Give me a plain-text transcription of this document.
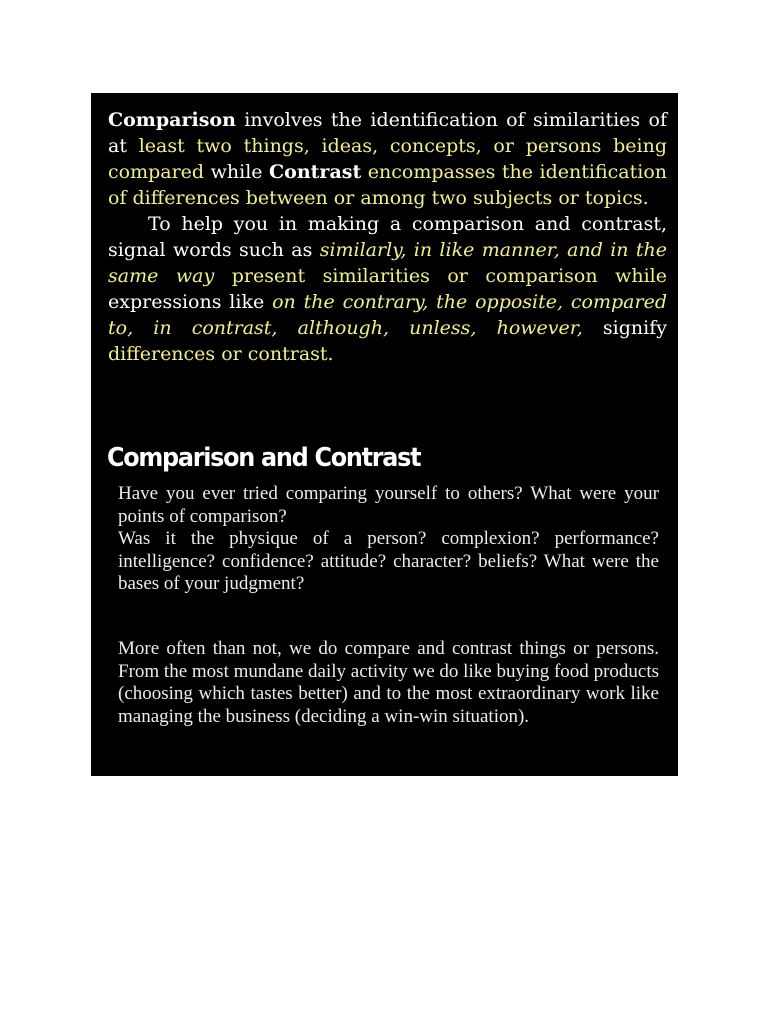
Comparison involves the identification of similarities of at least two things, ideas, concepts, or persons being compared while Contrast encompasses the identification of differences between or among two subjects or topics.

To help you in making a comparison and contrast, signal words such as similarly, in like manner, and in the same way present similarities or comparison while expressions like on the contrary, the opposite, compared to, in contrast, although, unless, however, signify differences or contrast.

Comparison and Contrast

Have you ever tried comparing yourself to others? What were your points of comparison?

Was it the physique of a person? complexion? performance? intelligence? confidence? attitude? character? beliefs? What were the bases of your judgment?

More often than not, we do compare and contrast things or persons. From the most mundane daily activity we do like buying food products (choosing which tastes better) and to the most extraordinary work like managing the business (deciding a win-win situation).
